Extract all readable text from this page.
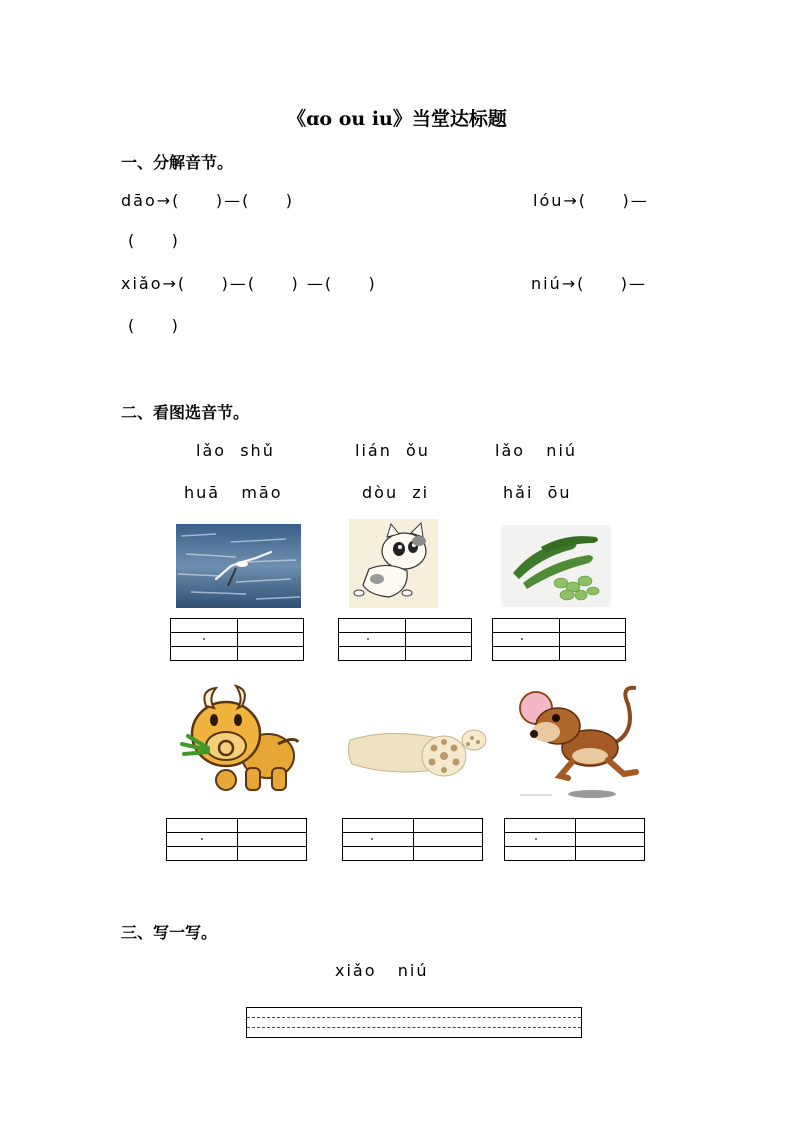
《ɑo ou iu》当堂达标题
一、分解音节。
dāo→(     )—(     )	lóu→(     )—
(     )
xiǎo→(     )—(     ) —(     )	niú→(     )—
(     )
二、看图选音节。
lǎo  shǔ	lián  ǒu	lǎo   niú
huā   māo	dòu  zi	hǎi  ōu
三、写一写。
xiǎo   niú
